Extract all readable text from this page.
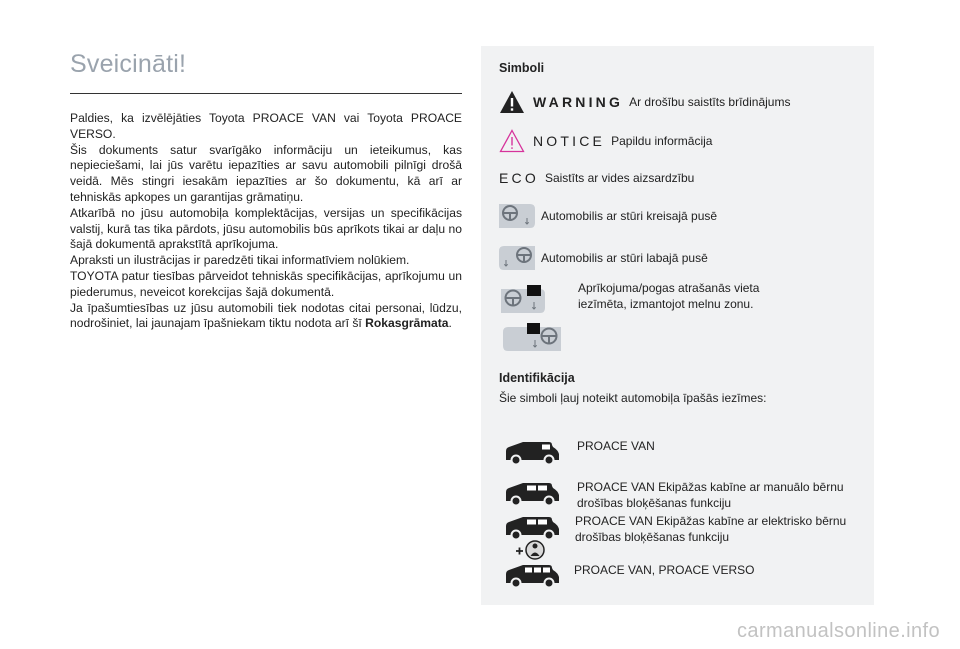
Sveicināti!

Paldies, ka izvēlējāties Toyota PROACE VAN vai Toyota PROACE VERSO.

Šis dokuments satur svarīgāko informāciju un ieteikumus, kas nepieciešami, lai jūs varētu iepazīties ar savu automobili pilnīgi drošā veidā. Mēs stingri iesakām iepazīties ar šo dokumentu, kā arī ar tehniskās apkopes un garantijas grāmatiņu.

Atkarībā no jūsu automobiļa komplektācijas, versijas un specifikācijas valstij, kurā tas tika pārdots, jūsu automobilis būs aprīkots tikai ar daļu no šajā dokumentā aprakstītā aprīkojuma.

Apraksti un ilustrācijas ir paredzēti tikai informatīviem nolūkiem.

TOYOTA patur tiesības pārveidot tehniskās specifikācijas, aprīkojumu un piederumus, neveicot korekcijas šajā dokumentā.

Ja īpašumtiesības uz jūsu automobili tiek nodotas citai personai, lūdzu, nodrošiniet, lai jaunajam īpašniekam tiktu nodota arī šī Rokasgrāmata.

Simboli
WARNING Ar drošību saistīts brīdinājums
NOTICE Papildu informācija
ECO Saistīts ar vides aizsardzību
Automobilis ar stūri kreisajā pusē
Automobilis ar stūri labajā pusē
Aprīkojuma/pogas atrašanās vieta iezīmēta, izmantojot melnu zonu.
Identifikācija
Šie simboli ļauj noteikt automobiļa īpašās iezīmes:
PROACE VAN
PROACE VAN Ekipāžas kabīne ar manuālo bērnu drošības bloķēšanas funkciju
PROACE VAN Ekipāžas kabīne ar elektrisko bērnu drošības bloķēšanas funkciju
PROACE VAN, PROACE VERSO
carmanualsonline.info
